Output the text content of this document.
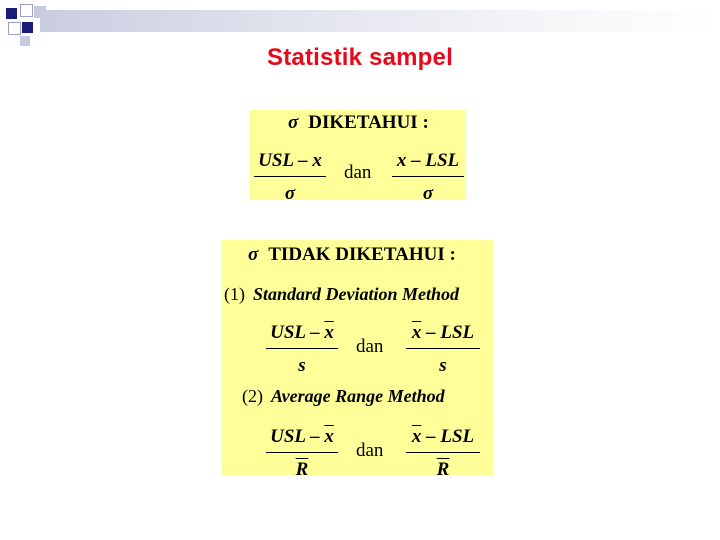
Statistik sampel
σ DIKETAHUI :
USL – x
σ
dan
x – LSL
σ
σ TIDAK DIKETAHUI :
(1) Standard Deviation Method
USL – $\overline{x}$
s
dan
$\overline{x}$ – LSL
s
(2) Average Range Method
USL – $\overline{x}$
$\overline{R}$
dan
$\overline{x}$ – LSL
$\overline{R}$
